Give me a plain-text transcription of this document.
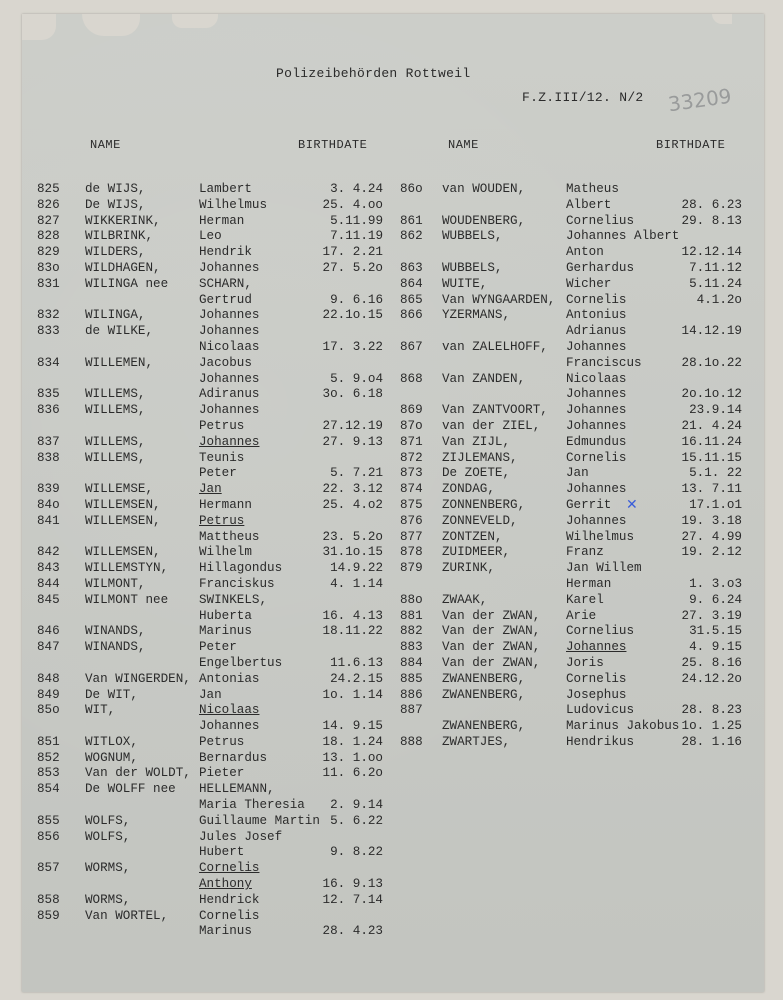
Polizeibehörden Rottweil
F.Z.III/12. N/2 33209
NAME	BIRTHDATE	NAME	BIRTHDATE
825	de WIJS,	Lambert	3. 4.24
826	De WIJS,	Wilhelmus	25. 4.oo
827	WIKKERINK,	Herman	5.11.99
828	WILBRINK,	Leo	7.11.19
829	WILDERS,	Hendrik	17. 2.21
83o	WILDHAGEN,	Johannes	27. 5.2o
831	WILINGA nee SCHARN,
Gertrud	9. 6.16
832	WILINGA,	Johannes	22.1o.15
833	de WILKE,	Johannes
Nicolaas	17. 3.22
834	WILLEMEN,	Jacobus
Johannes	5. 9.o4
835	WILLEMS,	Adiranus	3o. 6.18
836	WILLEMS,	Johannes
Petrus	27.12.19
837	WILLEMS,	Johannes	27. 9.13
838	WILLEMS,	Teunis
Peter	5. 7.21
839	WILLEMSE,	Jan	22. 3.12
84o	WILLEMSEN,	Hermann	25. 4.o2
841	WILLEMSEN,	Petrus
Mattheus	23. 5.2o
842	WILLEMSEN,	Wilhelm	31.1o.15
843	WILLEMSTYN, Hillagondus	14.9.22
844	WILMONT,	Franciskus	4. 1.14
845	WILMONT nee SWINKELS,
Huberta	16. 4.13
846	WINANDS,	Marinus	18.11.22
847	WINANDS,	Peter
Engelbertus	11.6.13
848	Van WINGERDEN, Antonias	24.2.15
849	De WIT,	Jan	1o. 1.14
85o	WIT,	Nicolaas
Johannes	14. 9.15
851	WITLOX,	Petrus	18. 1.24
852	WOGNUM,	Bernardus	13. 1.oo
853	Van der WOLDT, Pieter	11. 6.2o
854	De WOLFF nee HELLEMANN,
Maria Theresia 2. 9.14
855	WOLFS,	Guillaume Martin 5. 6.22
856	WOLFS,	Jules Josef
Hubert	9. 8.22
857	WORMS,	Cornelis
Anthony	16. 9.13
858	WORMS,	Hendrick	12. 7.14
859	Van WORTEL, Cornelis
Marinus	28. 4.23
86o	van WOUDEN,	Matheus
Albert	28. 6.23
861	WOUDENBERG,	Cornelius	29. 8.13
862	WUBBELS,	Johannes Albert
Anton	12.12.14
863	WUBBELS,	Gerhardus	7.11.12
864	WUITE,	Wicher	5.11.24
865	Van WYNGAARDEN, Cornelis	4.1.2o
866	YZERMANS,	Antonius
Adrianus	14.12.19
867	van ZALELHOFF, Johannes
Franciscus	28.1o.22
868	Van ZANDEN,	Nicolaas
Johannes	2o.1o.12
869	Van ZANTVOORT, Johannes	23.9.14
87o	van der ZIEL, Johannes	21. 4.24
871	Van ZIJL,	Edmundus	16.11.24
872	ZIJLEMANS,	Cornelis	15.11.15
873	De ZOETE,	Jan	5.1. 22
874	ZONDAG,	Johannes	13. 7.11
875	ZONNENBERG,	Gerrit	17.1.o1
✕
876	ZONNEVELD,	Johannes	19. 3.18
877	ZONTZEN,	Wilhelmus	27. 4.99
878	ZUIDMEER,	Franz	19. 2.12
879	ZURINK,	Jan Willem
Herman	1. 3.o3
88o	ZWAAK,	Karel	9. 6.24
881	Van der ZWAN, Arie	27. 3.19
882	Van der ZWAN, Cornelius	31.5.15
883	Van der ZWAN, Johannes	4. 9.15
884	Van der ZWAN, Joris	25. 8.16
885	ZWANENBERG,	Cornelis	24.12.2o
886	ZWANENBERG,	Josephus
887	Ludovicus	28. 8.23
ZWANENBERG,	Marinus Jakobus 1o. 1.25
888	ZWARTJES,	Hendrikus	28. 1.16
